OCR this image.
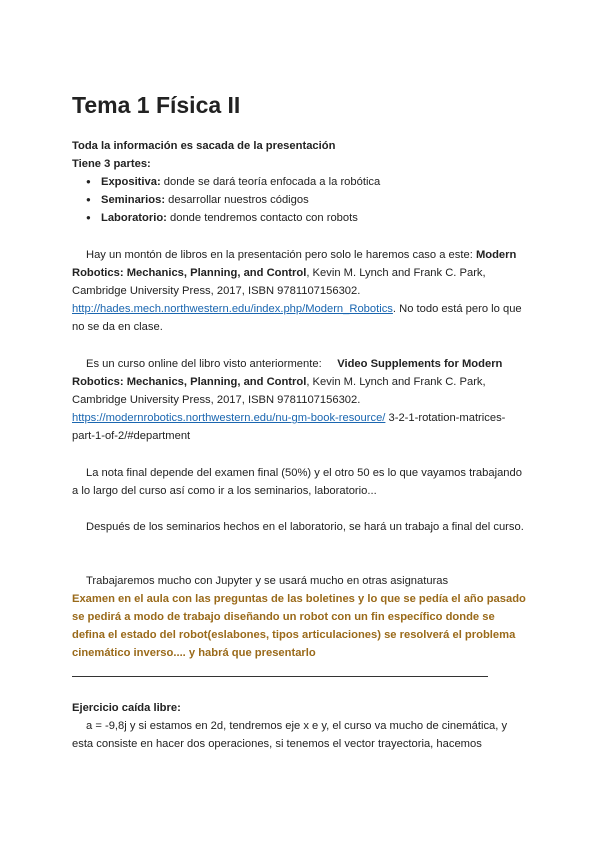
Tema 1 Física II
Toda la información es sacada de la presentación
Tiene 3 partes:
● Expositiva: donde se dará teoría enfocada a la robótica
● Seminarios: desarrollar nuestros códigos
● Laboratorio: donde tendremos contacto con robots
Hay un montón de libros en la presentación pero solo le haremos caso a este: Modern Robotics: Mechanics, Planning, and Control, Kevin M. Lynch and Frank C. Park, Cambridge University Press, 2017, ISBN 9781107156302. http://hades.mech.northwestern.edu/index.php/Modern_Robotics. No todo está pero lo que no se da en clase.
Es un curso online del libro visto anteriormente: Video Supplements for Modern Robotics: Mechanics, Planning, and Control, Kevin M. Lynch and Frank C. Park, Cambridge University Press, 2017, ISBN 9781107156302. https://modernrobotics.northwestern.edu/nu-gm-book-resource/ 3-2-1-rotation-matrices-part-1-of-2/#department
La nota final depende del examen final (50%) y el otro 50 es lo que vayamos trabajando a lo largo del curso así como ir a los seminarios, laboratorio...
Después de los seminarios hechos en el laboratorio, se hará un trabajo a final del curso.
Trabajaremos mucho con Jupyter y se usará mucho en otras asignaturas
Examen en el aula con las preguntas de las boletines y lo que se pedía el año pasado se pedirá a modo de trabajo diseñando un robot con un fin específico donde se defina el estado del robot(eslabones, tipos articulaciones) se resolverá el problema cinemático inverso.... y habrá que presentarlo
Ejercicio caída libre:
a = -9,8j y si estamos en 2d, tendremos eje x e y, el curso va mucho de cinemática, y esta consiste en hacer dos operaciones, si tenemos el vector trayectoria, hacemos
